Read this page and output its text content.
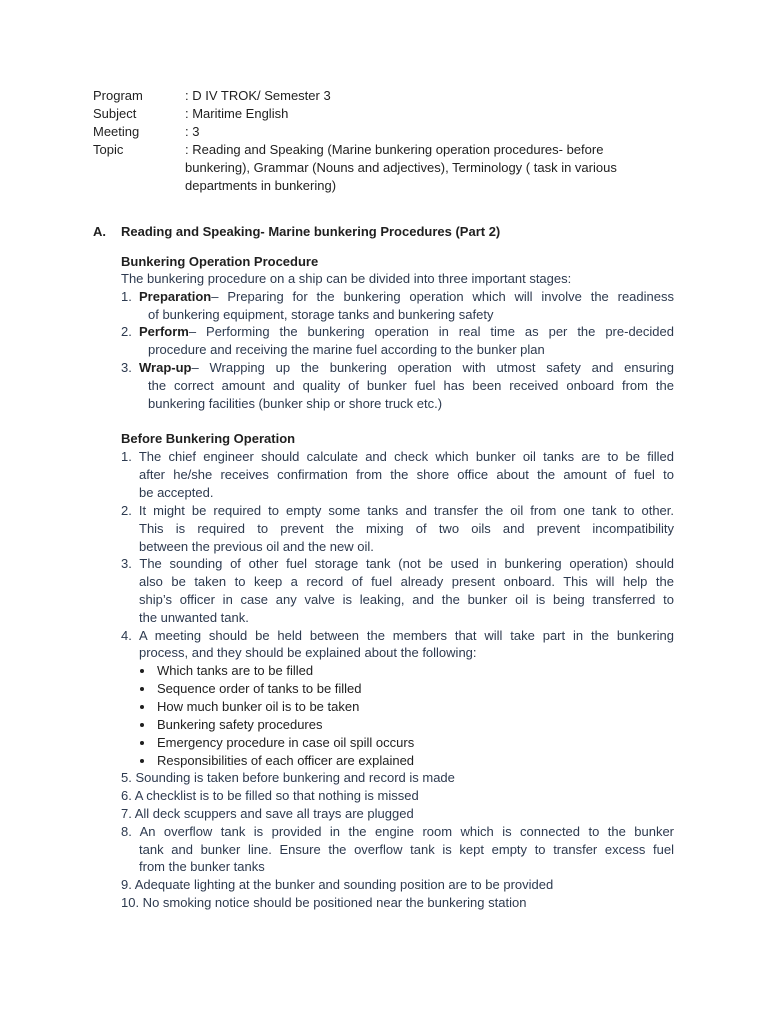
Program	: D IV TROK/ Semester 3
Subject	: Maritime English
Meeting	: 3
Topic	: Reading and Speaking (Marine bunkering operation procedures- before
bunkering), Grammar (Nouns and adjectives), Terminology ( task in various
departments in bunkering)
A. Reading and Speaking- Marine bunkering Procedures (Part 2)
Bunkering Operation Procedure
The bunkering procedure on a ship can be divided into three important stages:
1. Preparation– Preparing for the bunkering operation which will involve the readiness
of bunkering equipment, storage tanks and bunkering safety
2. Perform– Performing the bunkering operation in real time as per the pre-decided
procedure and receiving the marine fuel according to the bunker plan
3. Wrap-up– Wrapping up the bunkering operation with utmost safety and ensuring
the correct amount and quality of bunker fuel has been received onboard from the
bunkering facilities (bunker ship or shore truck etc.)
Before Bunkering Operation
1. The chief engineer should calculate and check which bunker oil tanks are to be filled
after he/she receives confirmation from the shore office about the amount of fuel to
be accepted.
2. It might be required to empty some tanks and transfer the oil from one tank to other.
This is required to prevent the mixing of two oils and prevent incompatibility
between the previous oil and the new oil.
3. The sounding of other fuel storage tank (not be used in bunkering operation) should
also be taken to keep a record of fuel already present onboard. This will help the
ship’s officer in case any valve is leaking, and the bunker oil is being transferred to
the unwanted tank.
4. A meeting should be held between the members that will take part in the bunkering
process, and they should be explained about the following:
Which tanks are to be filled
Sequence order of tanks to be filled
How much bunker oil is to be taken
Bunkering safety procedures
Emergency procedure in case oil spill occurs
Responsibilities of each officer are explained
5. Sounding is taken before bunkering and record is made
6. A checklist is to be filled so that nothing is missed
7. All deck scuppers and save all trays are plugged
8. An overflow tank is provided in the engine room which is connected to the bunker
tank and bunker line. Ensure the overflow tank is kept empty to transfer excess fuel
from the bunker tanks
9. Adequate lighting at the bunker and sounding position are to be provided
10. No smoking notice should be positioned near the bunkering station
